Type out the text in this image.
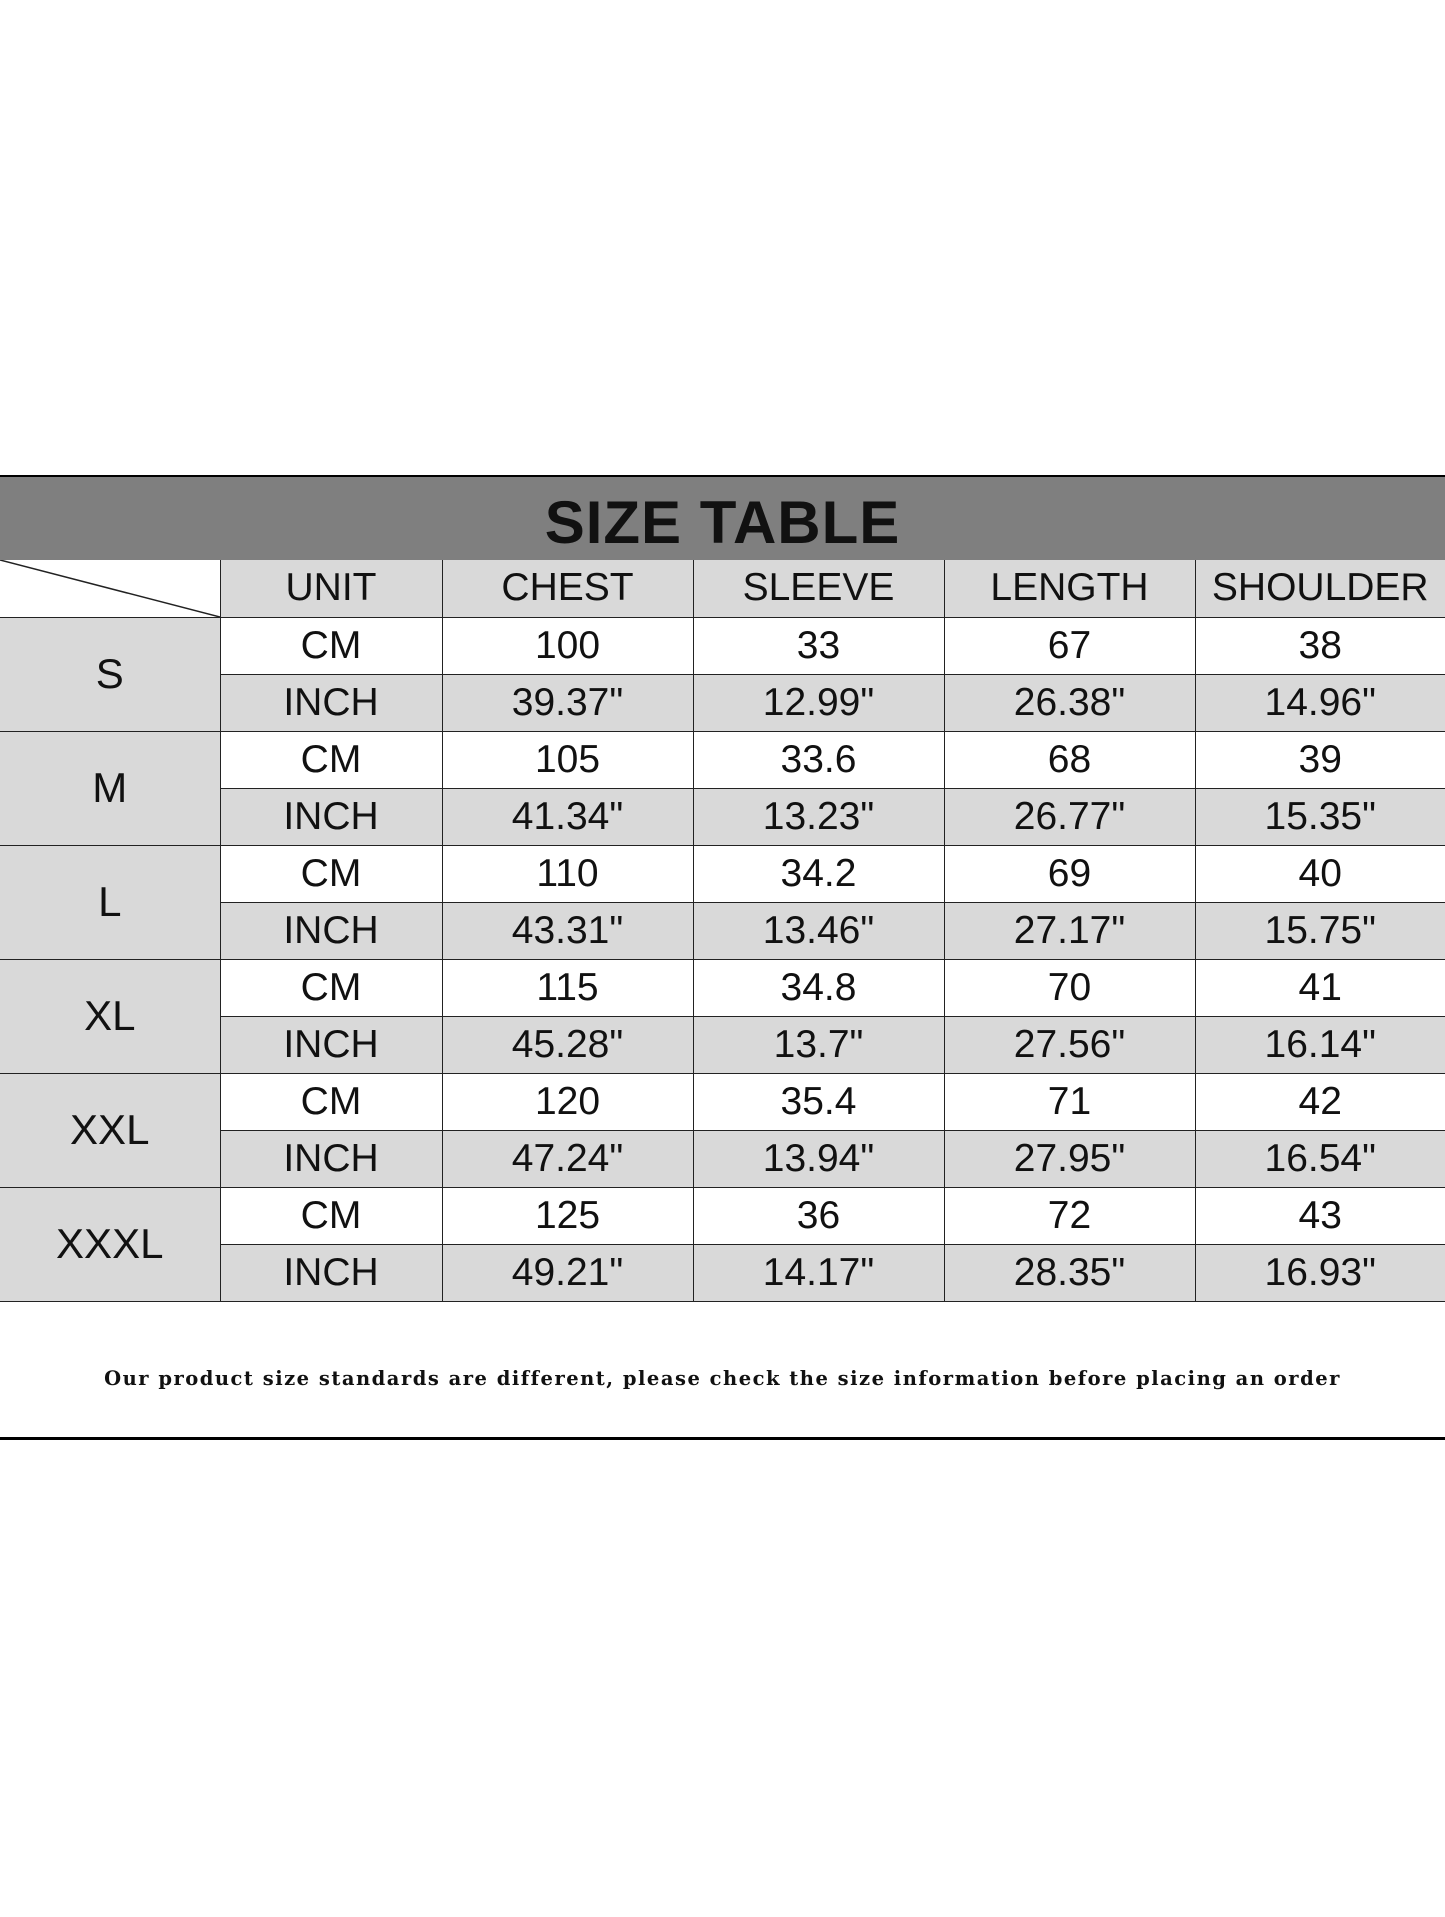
SIZE TABLE
	UNIT	CHEST	SLEEVE	LENGTH	SHOULDER
S	CM	100	33	67	38
	INCH	39.37"	12.99"	26.38"	14.96"
M	CM	105	33.6	68	39
	INCH	41.34"	13.23"	26.77"	15.35"
L	CM	110	34.2	69	40
	INCH	43.31"	13.46"	27.17"	15.75"
XL	CM	115	34.8	70	41
	INCH	45.28"	13.7"	27.56"	16.14"
XXL	CM	120	35.4	71	42
	INCH	47.24"	13.94"	27.95"	16.54"
XXXL	CM	125	36	72	43
	INCH	49.21"	14.17"	28.35"	16.93"
Our product size standards are different, please check the size information before placing an order
